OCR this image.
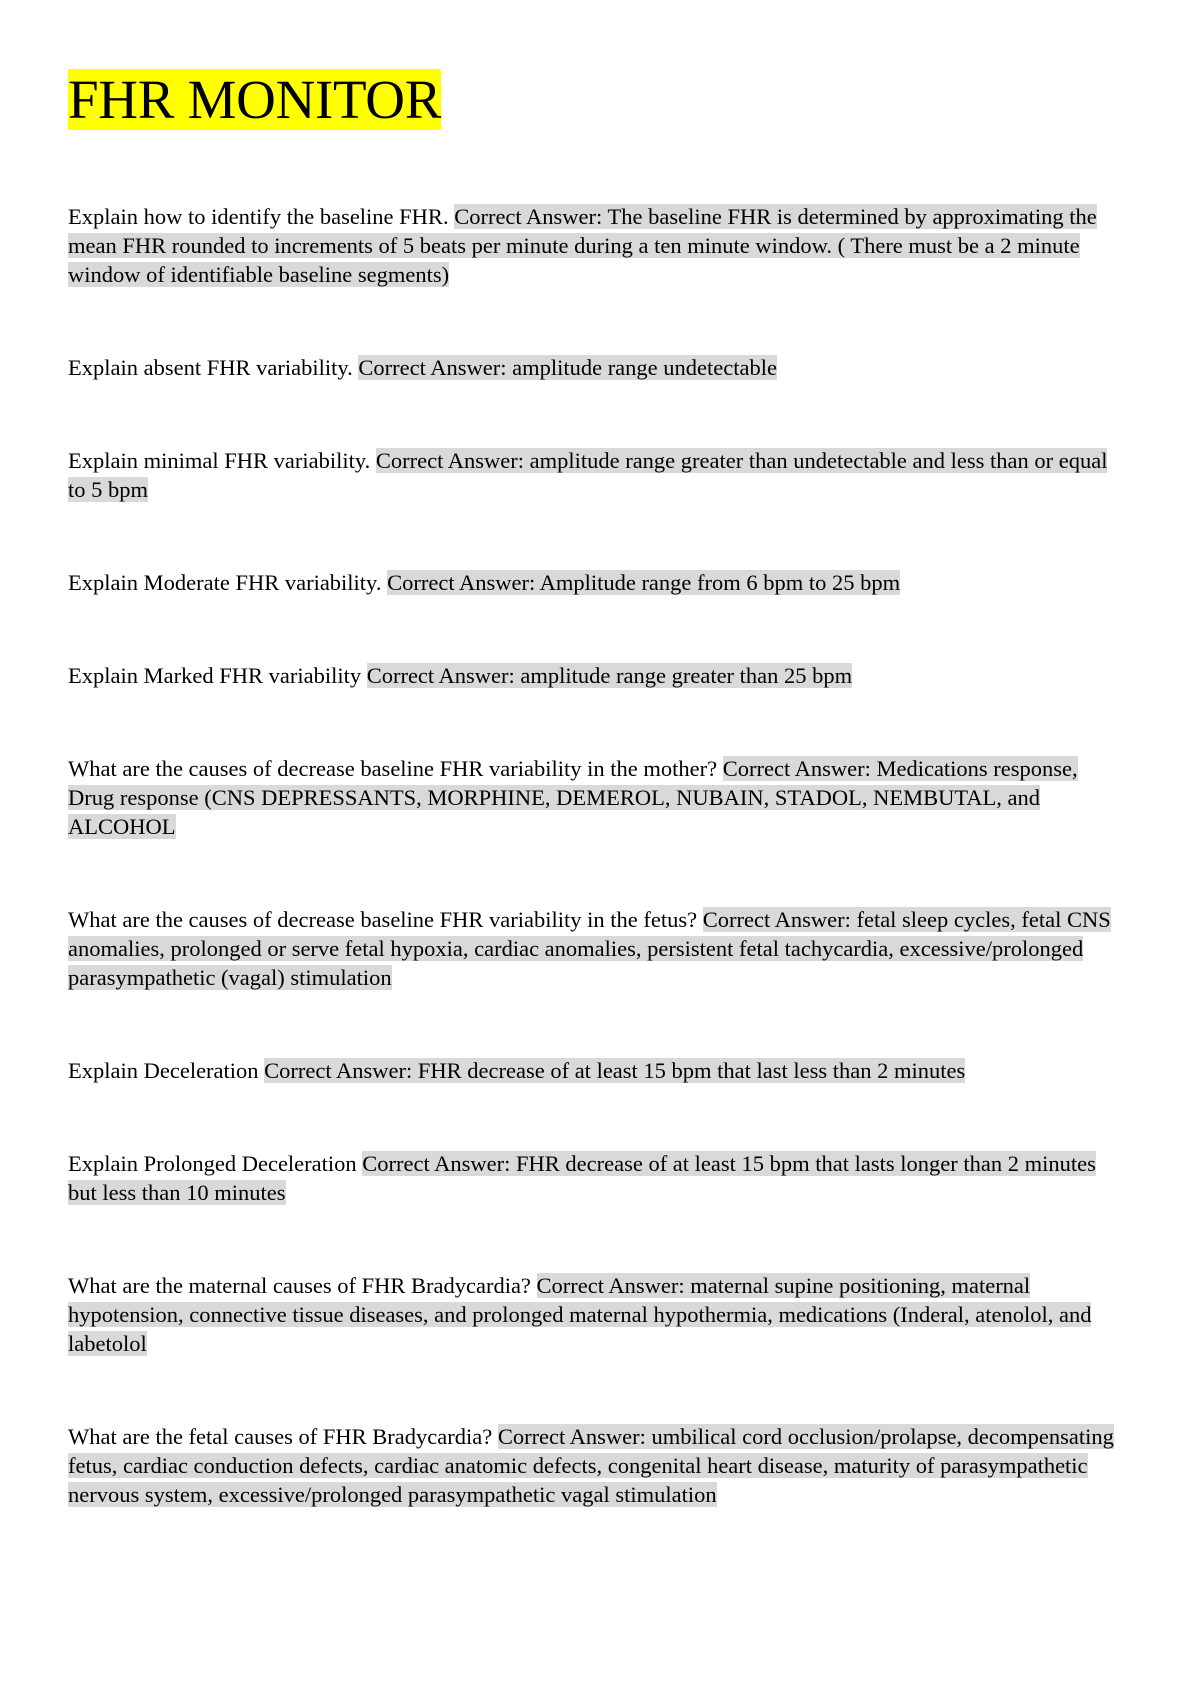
FHR MONITOR

Explain how to identify the baseline FHR. Correct Answer: The baseline FHR is determined by approximating the mean FHR rounded to increments of 5 beats per minute during a ten minute window. ( There must be a 2 minute window of identifiable baseline segments)

Explain absent FHR variability. Correct Answer: amplitude range undetectable

Explain minimal FHR variability. Correct Answer: amplitude range greater than undetectable and less than or equal to 5 bpm

Explain Moderate FHR variability. Correct Answer: Amplitude range from 6 bpm to 25 bpm

Explain Marked FHR variability Correct Answer: amplitude range greater than 25 bpm

What are the causes of decrease baseline FHR variability in the mother? Correct Answer: Medications response, Drug response (CNS DEPRESSANTS, MORPHINE, DEMEROL, NUBAIN, STADOL, NEMBUTAL, and ALCOHOL

What are the causes of decrease baseline FHR variability in the fetus? Correct Answer: fetal sleep cycles, fetal CNS anomalies, prolonged or serve fetal hypoxia, cardiac anomalies, persistent fetal tachycardia, excessive/prolonged parasympathetic (vagal) stimulation

Explain Deceleration Correct Answer: FHR decrease of at least 15 bpm that last less than 2 minutes

Explain Prolonged Deceleration Correct Answer: FHR decrease of at least 15 bpm that lasts longer than 2 minutes but less than 10 minutes

What are the maternal causes of FHR Bradycardia? Correct Answer: maternal supine positioning, maternal hypotension, connective tissue diseases, and prolonged maternal hypothermia, medications (Inderal, atenolol, and labetolol

What are the fetal causes of FHR Bradycardia? Correct Answer: umbilical cord occlusion/prolapse, decompensating fetus, cardiac conduction defects, cardiac anatomic defects, congenital heart disease, maturity of parasympathetic nervous system, excessive/prolonged parasympathetic vagal stimulation
